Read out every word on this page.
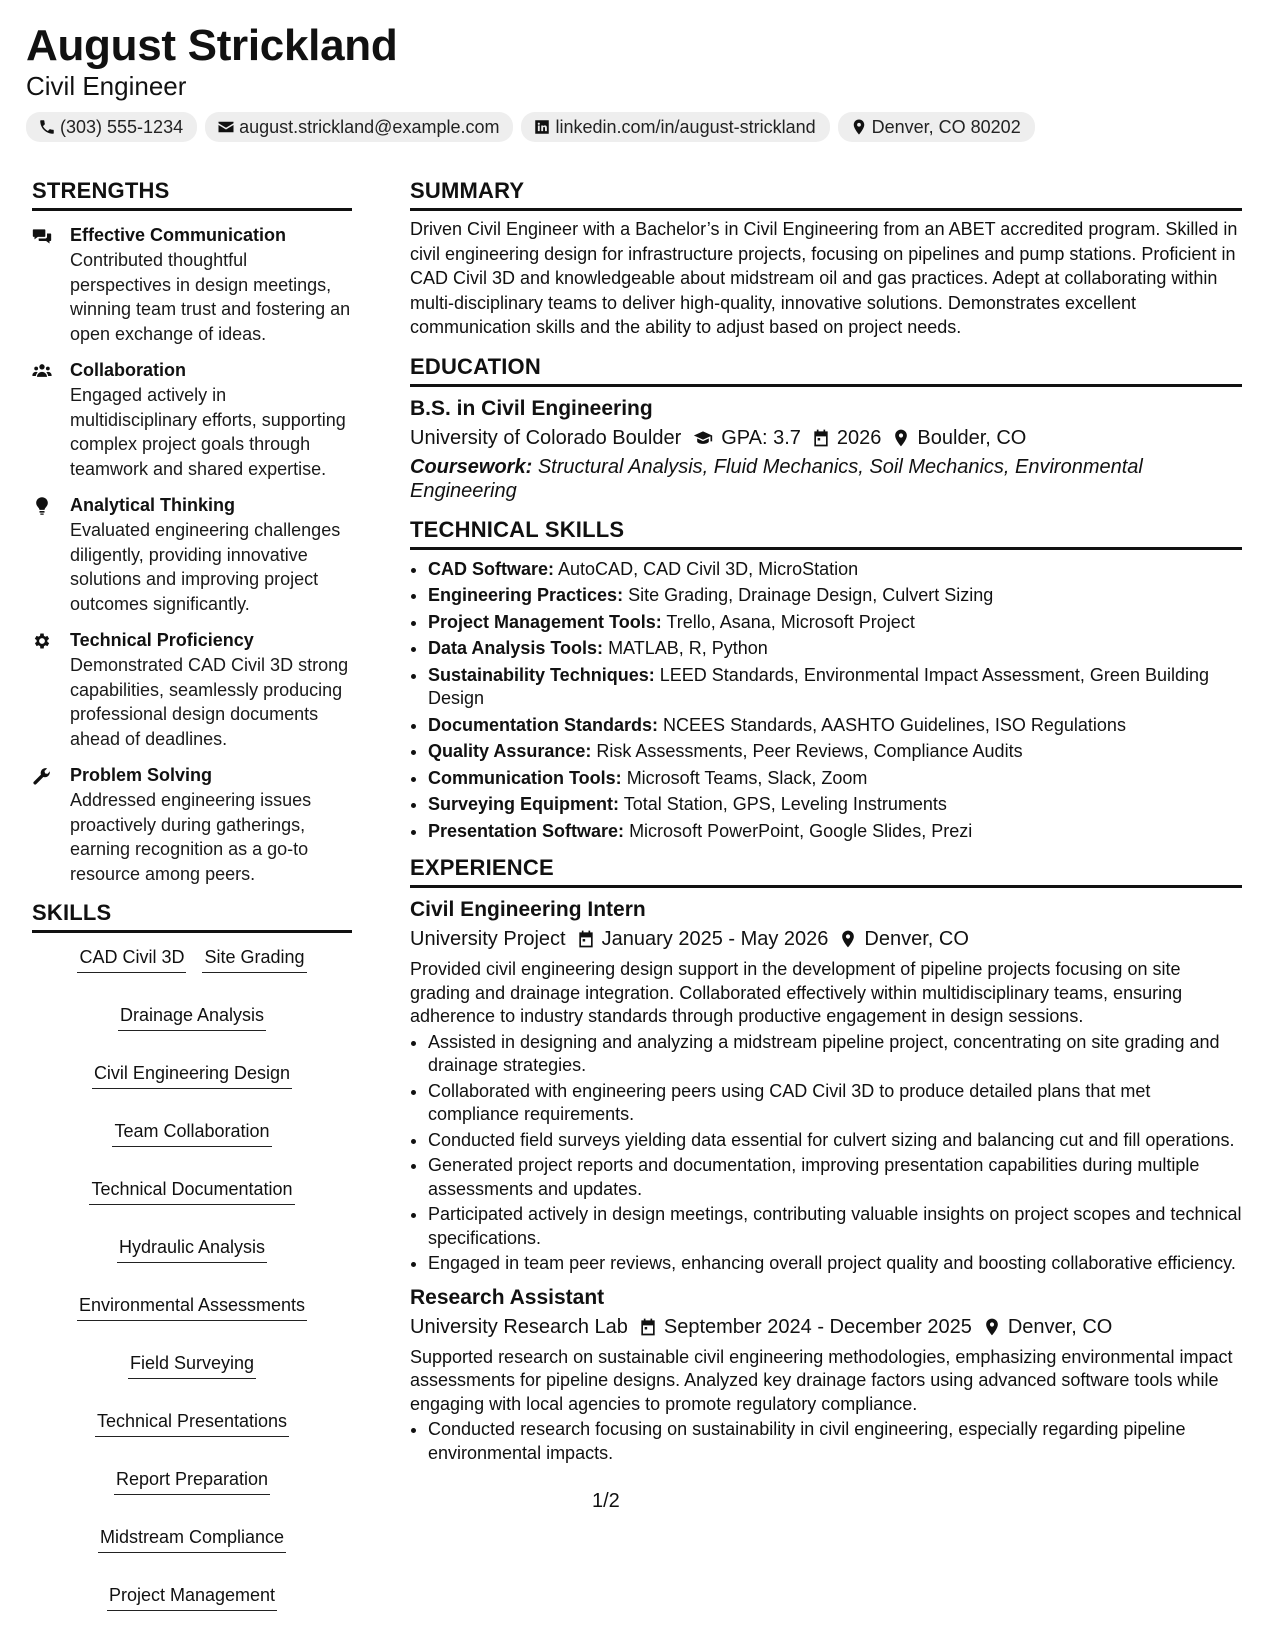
August Strickland
Civil Engineer
(303) 555-1234	august.strickland@example.com	linkedin.com/in/august-strickland	Denver, CO 80202
STRENGTHS
Effective Communication
Contributed thoughtful perspectives in design meetings, winning team trust and fostering an open exchange of ideas.
Collaboration
Engaged actively in multidisciplinary efforts, supporting complex project goals through teamwork and shared expertise.
Analytical Thinking
Evaluated engineering challenges diligently, providing innovative solutions and improving project outcomes significantly.
Technical Proficiency
Demonstrated CAD Civil 3D strong capabilities, seamlessly producing professional design documents ahead of deadlines.
Problem Solving
Addressed engineering issues proactively during gatherings, earning recognition as a go-to resource among peers.
SKILLS
CAD Civil 3D Site Grading
Drainage Analysis
Civil Engineering Design
Team Collaboration
Technical Documentation
Hydraulic Analysis
Environmental Assessments
Field Surveying
Technical Presentations
Report Preparation
Midstream Compliance
Project Management
SUMMARY
Driven Civil Engineer with a Bachelor’s in Civil Engineering from an ABET accredited program. Skilled in civil engineering design for infrastructure projects, focusing on pipelines and pump stations. Proficient in CAD Civil 3D and knowledgeable about midstream oil and gas practices. Adept at collaborating within multi-disciplinary teams to deliver high-quality, innovative solutions. Demonstrates excellent communication skills and the ability to adjust based on project needs.
EDUCATION
B.S. in Civil Engineering
University of Colorado Boulder GPA: 3.7 2026 Boulder, CO
Coursework: Structural Analysis, Fluid Mechanics, Soil Mechanics, Environmental Engineering
TECHNICAL SKILLS
• CAD Software: AutoCAD, CAD Civil 3D, MicroStation
• Engineering Practices: Site Grading, Drainage Design, Culvert Sizing
• Project Management Tools: Trello, Asana, Microsoft Project
• Data Analysis Tools: MATLAB, R, Python
• Sustainability Techniques: LEED Standards, Environmental Impact Assessment, Green Building Design
• Documentation Standards: NCEES Standards, AASHTO Guidelines, ISO Regulations
• Quality Assurance: Risk Assessments, Peer Reviews, Compliance Audits
• Communication Tools: Microsoft Teams, Slack, Zoom
• Surveying Equipment: Total Station, GPS, Leveling Instruments
• Presentation Software: Microsoft PowerPoint, Google Slides, Prezi
EXPERIENCE
Civil Engineering Intern
University Project January 2025 - May 2026 Denver, CO
Provided civil engineering design support in the development of pipeline projects focusing on site grading and drainage integration. Collaborated effectively within multidisciplinary teams, ensuring adherence to industry standards through productive engagement in design sessions.
• Assisted in designing and analyzing a midstream pipeline project, concentrating on site grading and drainage strategies.
• Collaborated with engineering peers using CAD Civil 3D to produce detailed plans that met compliance requirements.
• Conducted field surveys yielding data essential for culvert sizing and balancing cut and fill operations.
• Generated project reports and documentation, improving presentation capabilities during multiple assessments and updates.
• Participated actively in design meetings, contributing valuable insights on project scopes and technical specifications.
• Engaged in team peer reviews, enhancing overall project quality and boosting collaborative efficiency.
Research Assistant
University Research Lab September 2024 - December 2025 Denver, CO
Supported research on sustainable civil engineering methodologies, emphasizing environmental impact assessments for pipeline designs. Analyzed key drainage factors using advanced software tools while engaging with local agencies to promote regulatory compliance.
• Conducted research focusing on sustainability in civil engineering, especially regarding pipeline environmental impacts.
1/2
